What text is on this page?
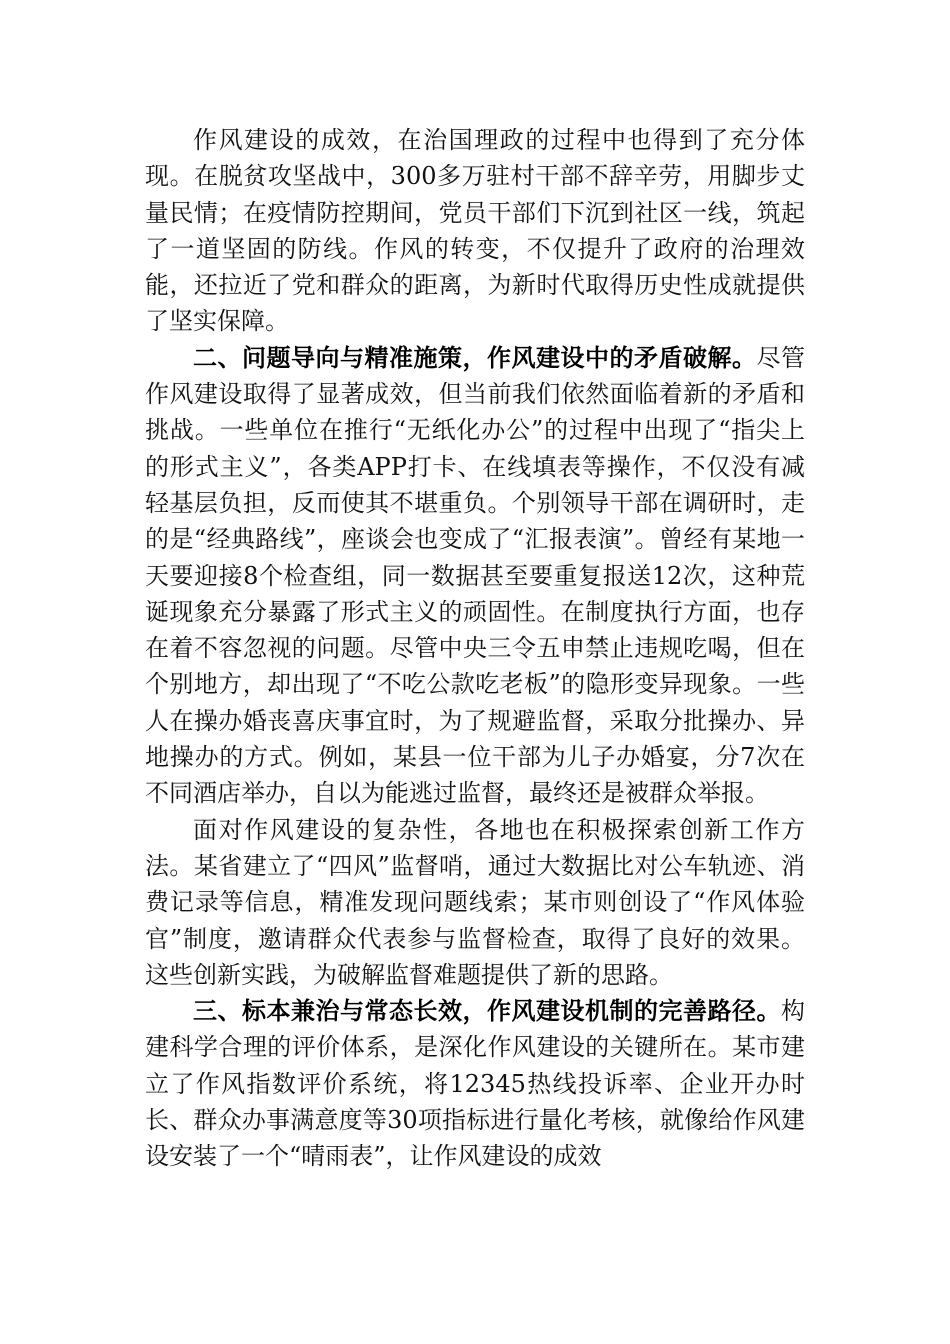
作风建设的成效，在治国理政的过程中也得到了充分体现。在脱贫攻坚战中，300多万驻村干部不辞辛劳，用脚步丈量民情；在疫情防控期间，党员干部们下沉到社区一线，筑起了一道坚固的防线。作风的转变，不仅提升了政府的治理效能，还拉近了党和群众的距离，为新时代取得历史性成就提供了坚实保障。

二、问题导向与精准施策，作风建设中的矛盾破解。尽管作风建设取得了显著成效，但当前我们依然面临着新的矛盾和挑战。一些单位在推行“无纸化办公”的过程中出现了“指尖上的形式主义”，各类APP打卡、在线填表等操作，不仅没有减轻基层负担，反而使其不堪重负。个别领导干部在调研时，走的是“经典路线”，座谈会也变成了“汇报表演”。曾经有某地一天要迎接8个检查组，同一数据甚至要重复报送12次，这种荒诞现象充分暴露了形式主义的顽固性。在制度执行方面，也存在着不容忽视的问题。尽管中央三令五申禁止违规吃喝，但在个别地方，却出现了“不吃公款吃老板”的隐形变异现象。一些人在操办婚丧喜庆事宜时，为了规避监督，采取分批操办、异地操办的方式。例如，某县一位干部为儿子办婚宴，分7次在不同酒店举办，自以为能逃过监督，最终还是被群众举报。

面对作风建设的复杂性，各地也在积极探索创新工作方法。某省建立了“四风”监督哨，通过大数据比对公车轨迹、消费记录等信息，精准发现问题线索；某市则创设了“作风体验官”制度，邀请群众代表参与监督检查，取得了良好的效果。这些创新实践，为破解监督难题提供了新的思路。

三、标本兼治与常态长效，作风建设机制的完善路径。构建科学合理的评价体系，是深化作风建设的关键所在。某市建立了作风指数评价系统，将12345热线投诉率、企业开办时长、群众办事满意度等30项指标进行量化考核，就像给作风建设安装了一个“晴雨表”，让作风建设的成效
